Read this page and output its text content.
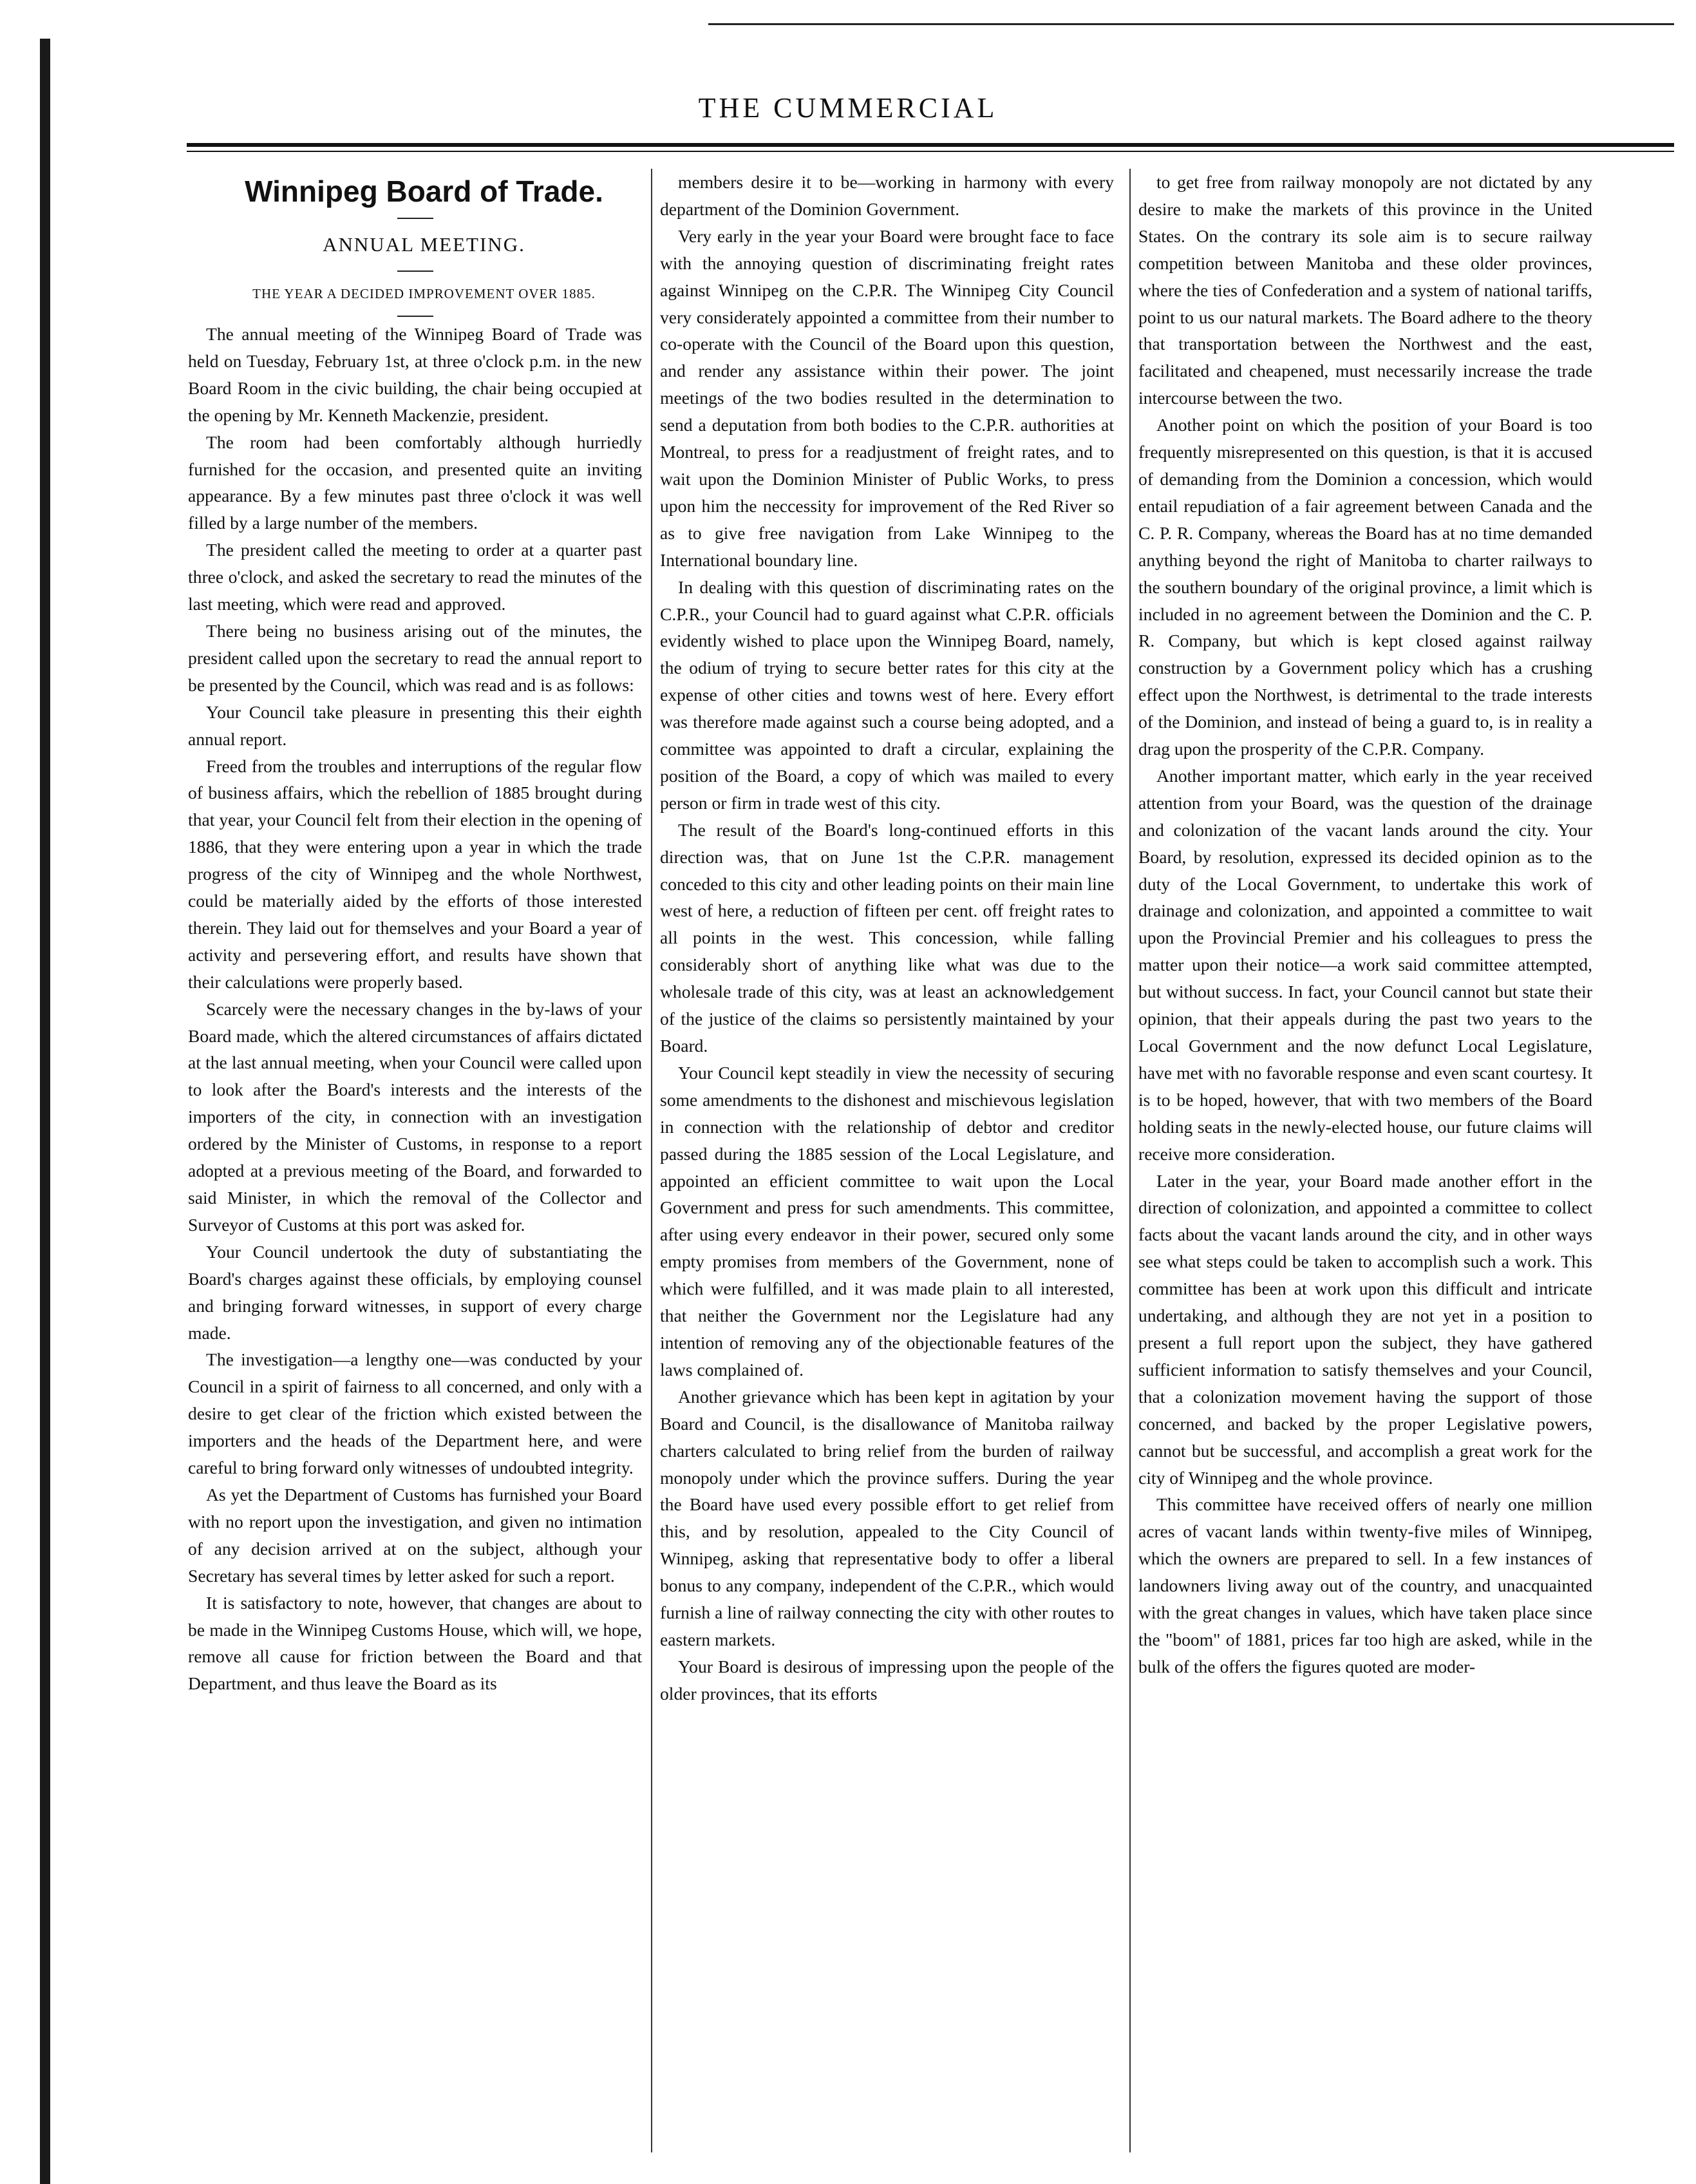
THE CUMMERCIAL

Winnipeg Board of Trade.

ANNUAL MEETING.

THE YEAR A DECIDED IMPROVEMENT OVER 1885.

The annual meeting of the Winnipeg Board of Trade was held on Tuesday, February 1st, at three o'clock p.m. in the new Board Room in the civic building, the chair being occupied at the opening by Mr. Kenneth Mackenzie, president.

The room had been comfortably although hurriedly furnished for the occasion, and presented quite an inviting appearance. By a few minutes past three o'clock it was well filled by a large number of the members.

The president called the meeting to order at a quarter past three o'clock, and asked the secretary to read the minutes of the last meeting, which were read and approved.

There being no business arising out of the minutes, the president called upon the secretary to read the annual report to be presented by the Council, which was read and is as follows:

Your Council take pleasure in presenting this their eighth annual report.

Freed from the troubles and interruptions of the regular flow of business affairs, which the rebellion of 1885 brought during that year, your Council felt from their election in the opening of 1886, that they were entering upon a year in which the trade progress of the city of Winnipeg and the whole Northwest, could be materially aided by the efforts of those interested therein. They laid out for themselves and your Board a year of activity and persevering effort, and results have shown that their calculations were properly based.

Scarcely were the necessary changes in the by-laws of your Board made, which the altered circumstances of affairs dictated at the last annual meeting, when your Council were called upon to look after the Board's interests and the interests of the importers of the city, in connection with an investigation ordered by the Minister of Customs, in response to a report adopted at a previous meeting of the Board, and forwarded to said Minister, in which the removal of the Collector and Surveyor of Customs at this port was asked for.

Your Council undertook the duty of substantiating the Board's charges against these officials, by employing counsel and bringing forward witnesses, in support of every charge made.

The investigation—a lengthy one—was conducted by your Council in a spirit of fairness to all concerned, and only with a desire to get clear of the friction which existed between the importers and the heads of the Department here, and were careful to bring forward only witnesses of undoubted integrity.

As yet the Department of Customs has furnished your Board with no report upon the investigation, and given no intimation of any decision arrived at on the subject, although your Secretary has several times by letter asked for such a report.

It is satisfactory to note, however, that changes are about to be made in the Winnipeg Customs House, which will, we hope, remove all cause for friction between the Board and that Department, and thus leave the Board as its

members desire it to be—working in harmony with every department of the Dominion Government.

Very early in the year your Board were brought face to face with the annoying question of discriminating freight rates against Winnipeg on the C.P.R. The Winnipeg City Council very considerately appointed a committee from their number to co-operate with the Council of the Board upon this question, and render any assistance within their power. The joint meetings of the two bodies resulted in the determination to send a deputation from both bodies to the C.P.R. authorities at Montreal, to press for a readjustment of freight rates, and to wait upon the Dominion Minister of Public Works, to press upon him the neccessity for improvement of the Red River so as to give free navigation from Lake Winnipeg to the International boundary line.

In dealing with this question of discriminating rates on the C.P.R., your Council had to guard against what C.P.R. officials evidently wished to place upon the Winnipeg Board, namely, the odium of trying to secure better rates for this city at the expense of other cities and towns west of here. Every effort was therefore made against such a course being adopted, and a committee was appointed to draft a circular, explaining the position of the Board, a copy of which was mailed to every person or firm in trade west of this city.

The result of the Board's long-continued efforts in this direction was, that on June 1st the C.P.R. management conceded to this city and other leading points on their main line west of here, a reduction of fifteen per cent. off freight rates to all points in the west. This concession, while falling considerably short of anything like what was due to the wholesale trade of this city, was at least an acknowledgement of the justice of the claims so persistently maintained by your Board.

Your Council kept steadily in view the necessity of securing some amendments to the dishonest and mischievous legislation in connection with the relationship of debtor and creditor passed during the 1885 session of the Local Legislature, and appointed an efficient committee to wait upon the Local Government and press for such amendments. This committee, after using every endeavor in their power, secured only some empty promises from members of the Government, none of which were fulfilled, and it was made plain to all interested, that neither the Government nor the Legislature had any intention of removing any of the objectionable features of the laws complained of.

Another grievance which has been kept in agitation by your Board and Council, is the disallowance of Manitoba railway charters calculated to bring relief from the burden of railway monopoly under which the province suffers. During the year the Board have used every possible effort to get relief from this, and by resolution, appealed to the City Council of Winnipeg, asking that representative body to offer a liberal bonus to any company, independent of the C.P.R., which would furnish a line of railway connecting the city with other routes to eastern markets.

Your Board is desirous of impressing upon the people of the older provinces, that its efforts

to get free from railway monopoly are not dictated by any desire to make the markets of this province in the United States. On the contrary its sole aim is to secure railway competition between Manitoba and these older provinces, where the ties of Confederation and a system of national tariffs, point to us our natural markets. The Board adhere to the theory that transportation between the Northwest and the east, facilitated and cheapened, must necessarily increase the trade intercourse between the two.

Another point on which the position of your Board is too frequently misrepresented on this question, is that it is accused of demanding from the Dominion a concession, which would entail repudiation of a fair agreement between Canada and the C. P. R. Company, whereas the Board has at no time demanded anything beyond the right of Manitoba to charter railways to the southern boundary of the original province, a limit which is included in no agreement between the Dominion and the C. P. R. Company, but which is kept closed against railway construction by a Government policy which has a crushing effect upon the Northwest, is detrimental to the trade interests of the Dominion, and instead of being a guard to, is in reality a drag upon the prosperity of the C.P.R. Company.

Another important matter, which early in the year received attention from your Board, was the question of the drainage and colonization of the vacant lands around the city. Your Board, by resolution, expressed its decided opinion as to the duty of the Local Government, to undertake this work of drainage and colonization, and appointed a committee to wait upon the Provincial Premier and his colleagues to press the matter upon their notice—a work said committee attempted, but without success. In fact, your Council cannot but state their opinion, that their appeals during the past two years to the Local Government and the now defunct Local Legislature, have met with no favorable response and even scant courtesy. It is to be hoped, however, that with two members of the Board holding seats in the newly-elected house, our future claims will receive more consideration.

Later in the year, your Board made another effort in the direction of colonization, and appointed a committee to collect facts about the vacant lands around the city, and in other ways see what steps could be taken to accomplish such a work. This committee has been at work upon this difficult and intricate undertaking, and although they are not yet in a position to present a full report upon the subject, they have gathered sufficient information to satisfy themselves and your Council, that a colonization movement having the support of those concerned, and backed by the proper Legislative powers, cannot but be successful, and accomplish a great work for the city of Winnipeg and the whole province.

This committee have received offers of nearly one million acres of vacant lands within twenty-five miles of Winnipeg, which the owners are prepared to sell. In a few instances of landowners living away out of the country, and unacquainted with the great changes in values, which have taken place since the "boom" of 1881, prices far too high are asked, while in the bulk of the offers the figures quoted are moder-
